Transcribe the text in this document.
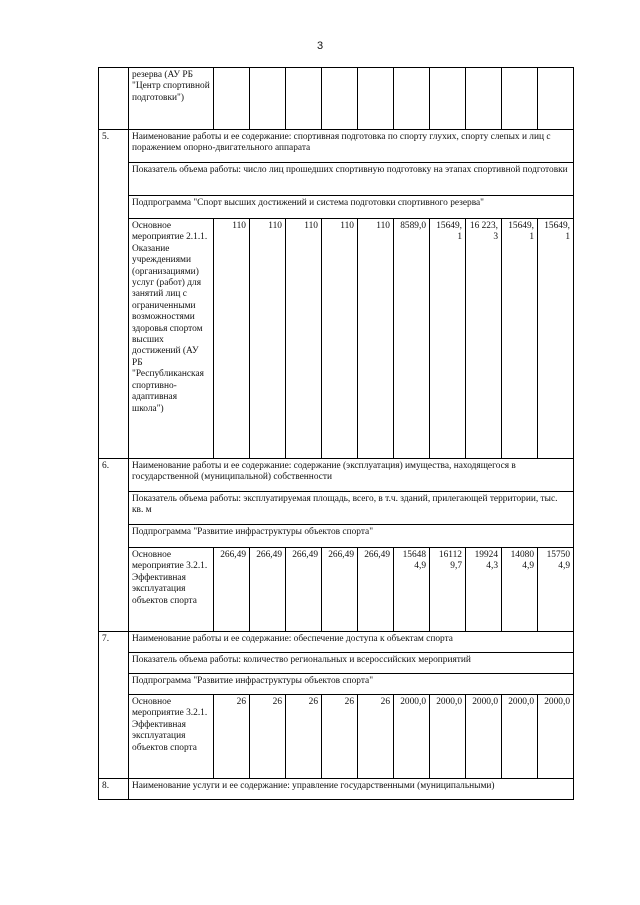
3
	резерва (АУ РБ "Центр спортивной подготовки")										
5.	Наименование работы и ее содержание: спортивная подготовка по спорту глухих, спорту слепых и лиц с поражением опорно-двигательного аппарата										
	Показатель объема работы: число лиц прошедших спортивную подготовку на этапах спортивной подготовки										
	Подпрограмма "Спорт высших достижений и система подготовки спортивного резерва"										
	Основное мероприятие 2.1.1. Оказание учреждениями (организациями) услуг (работ) для занятий лиц с ограниченными возможностями здоровья спортом высших достижений (АУ РБ "Республиканская спортивно-адаптивная школа")	110	110	110	110	110	8589,0	15649,1	16 223,3	15649,1	15649,1
6.	Наименование работы и ее содержание: содержание (эксплуатация) имущества, находящегося в государственной (муниципальной) собственности										
	Показатель объема работы: эксплуатируемая площадь, всего, в т.ч. зданий, прилегающей территории, тыс. кв. м										
	Подпрограмма "Развитие инфраструктуры объектов спорта"										
	Основное мероприятие 3.2.1. Эффективная эксплуатация объектов спорта	266,49	266,49	266,49	266,49	266,49	156484,9	161129,7	199244,3	140804,9	157504,9
7.	Наименование работы и ее содержание: обеспечение доступа к объектам спорта										
	Показатель объема работы: количество региональных и всероссийских мероприятий										
	Подпрограмма "Развитие инфраструктуры объектов спорта"										
	Основное мероприятие 3.2.1. Эффективная эксплуатация объектов спорта	26	26	26	26	26	2000,0	2000,0	2000,0	2000,0	2000,0
8.	Наименование услуги и ее содержание: управление государственными (муниципальными)										
